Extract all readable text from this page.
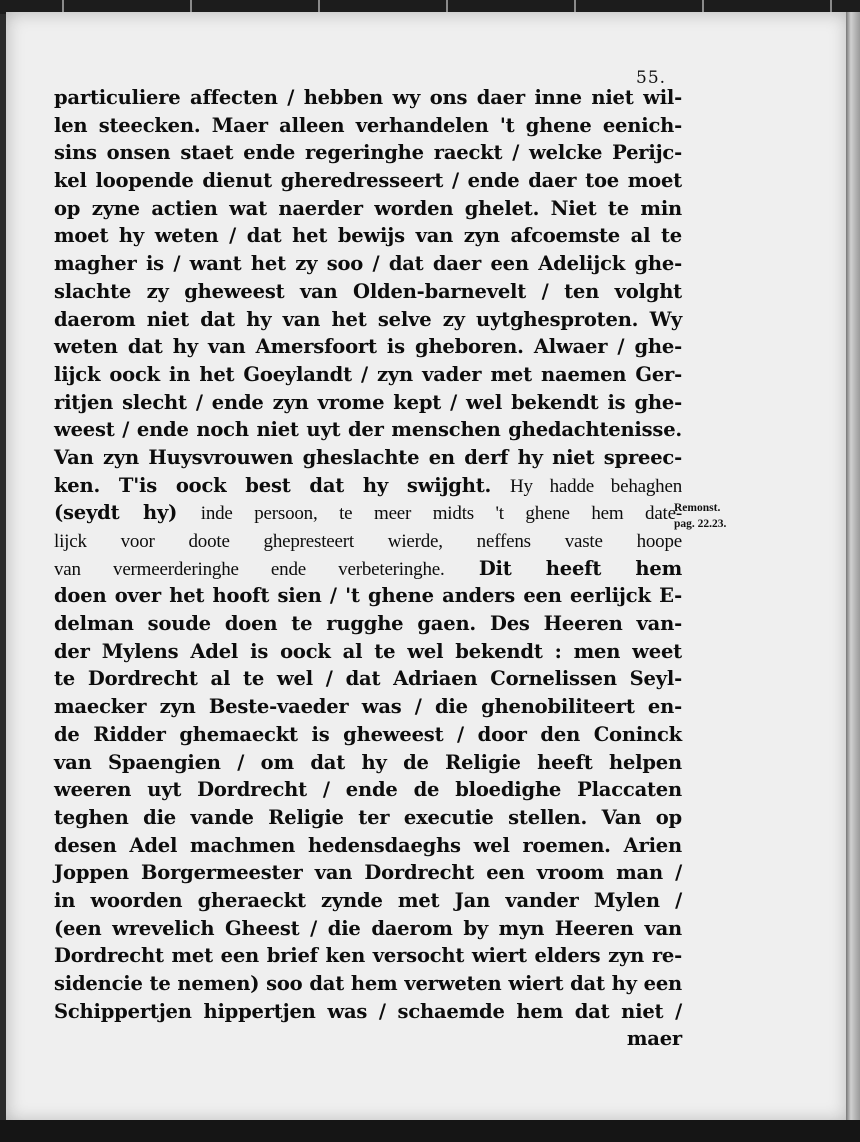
55.
particuliere affecten / hebben wy ons daer inne niet wil-
len steecken. Maer alleen verhandelen 't ghene eenich-
sins onsen staet ende regeringhe raeckt / welcke Perijc-
kel loopende dienut gheredresseert / ende daer toe moet
op zyne actien wat naerder worden ghelet. Niet te min
moet hy weten / dat het bewijs van zyn afcoemste al te
magher is / want het zy soo / dat daer een Adelijck ghe-
slachte zy gheweest van Olden-barnevelt / ten volght
daerom niet dat hy van het selve zy uytghesproten. Wy
weten dat hy van Amersfoort is gheboren. Alwaer / ghe-
lijck oock in het Goeylandt / zyn vader met naemen Ger-
ritjen slecht / ende zyn vrome kept / wel bekendt is ghe-
weest / ende noch niet uyt der menschen ghedachtenisse.
Van zyn Huysvrouwen gheslachte en derf hy niet spreec-
ken. T'is oock best dat hy swijght. Hy hadde behaghen
(seydt hy) inde persoon, te meer midts 't ghene hem date-
lijck voor doote ghepresteert wierde, neffens vaste hoope
van vermeerderinghe ende verbeteringhe. Dit heeft hem
doen over het hooft sien / 't ghene anders een eerlijck E-
delman soude doen te rugghe gaen. Des Heeren van-
der Mylens Adel is oock al te wel bekendt : men weet
te Dordrecht al te wel / dat Adriaen Cornelissen Seyl-
maecker zyn Beste-vaeder was / die ghenobiliteert en-
de Ridder ghemaeckt is gheweest / door den Coninck
van Spaengien / om dat hy de Religie heeft helpen
weeren uyt Dordrecht / ende de bloedighe Placcaten
teghen die vande Religie ter executie stellen. Van op
desen Adel machmen hedensdaeghs wel roemen. Arien
Joppen Borgermeester van Dordrecht een vroom man /
in woorden gheraeckt zynde met Jan vander Mylen /
(een wrevelich Gheest / die daerom by myn Heeren van
Dordrecht met een brief ken versocht wiert elders zyn re-
sidencie te nemen) soo dat hem verweten wiert dat hy een
Schippertjen hippertjen was / schaemde hem dat niet /
maer
Remonst.
pag. 22.23.
